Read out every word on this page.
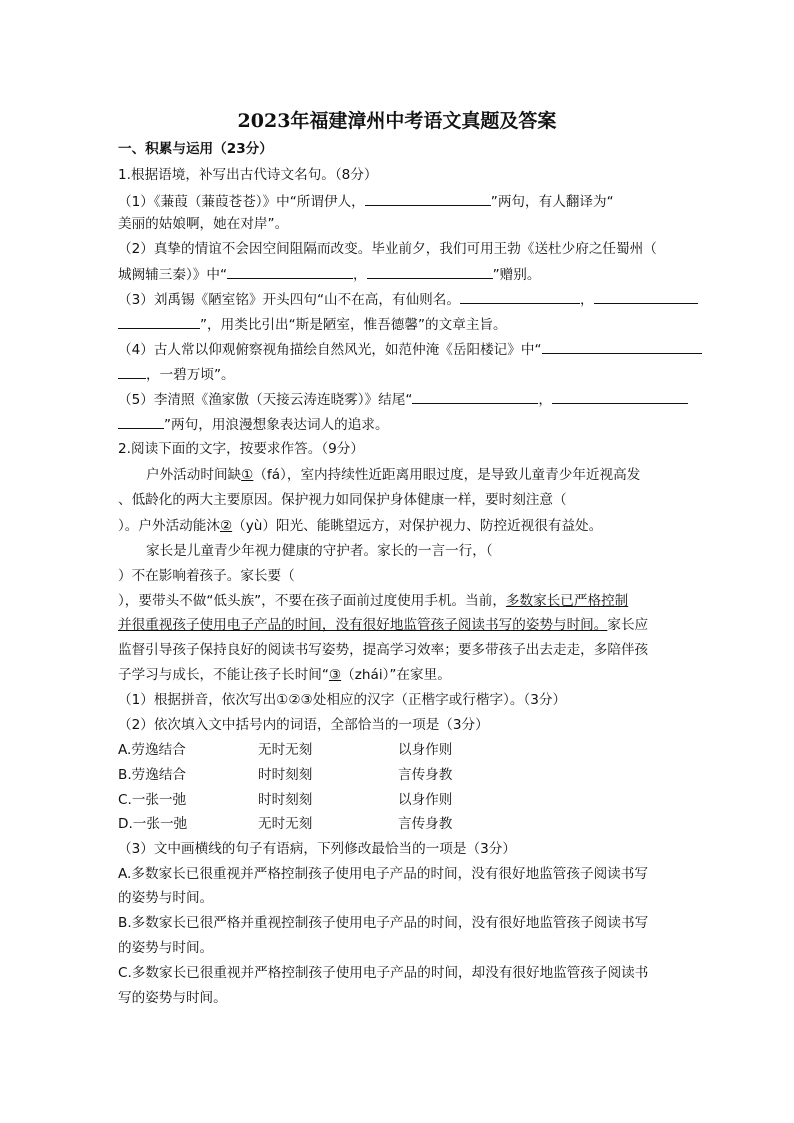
2023年福建漳州中考语文真题及答案
一、积累与运用（23分）
1.根据语境，补写出古代诗文名句。（8分）
（1）《蒹葭（蒹葭苍苍）》中“所谓伊人，	”两句，有人翻译为“
美丽的姑娘啊，她在对岸”。
（2）真挚的情谊不会因空间阻隔而改变。毕业前夕，我们可用王勃《送杜少府之任蜀州（
城阙辅三秦）》中“	，	”赠别。
（3）刘禹锡《陋室铭》开头四句“山不在高，有仙则名。	，
”，用类比引出“斯是陋室，惟吾德馨”的文章主旨。
（4）古人常以仰观俯察视角描绘自然风光，如范仲淹《岳阳楼记》中“
，一碧万顷”。
（5）李清照《渔家傲（天接云涛连晓雾）》结尾“	，
”两句，用浪漫想象表达词人的追求。
2.阅读下面的文字，按要求作答。（9分）
户外活动时间缺①（fá），室内持续性近距离用眼过度，是导致儿童青少年近视高发
、低龄化的两大主要原因。保护视力如同保护身体健康一样，要时刻注意（
）。户外活动能沐②（yù）阳光、能眺望远方，对保护视力、防控近视很有益处。
家长是儿童青少年视力健康的守护者。家长的一言一行，（
）不在影响着孩子。家长要（
），要带头不做“低头族”，不要在孩子面前过度使用手机。当前，多数家长已严格控制
并很重视孩子使用电子产品的时间，没有很好地监管孩子阅读书写的姿势与时间。家长应
监督引导孩子保持良好的阅读书写姿势，提高学习效率；要多带孩子出去走走，多陪伴孩
子学习与成长，不能让孩子长时间“③（zhái）”在家里。
（1）根据拼音，依次写出①②③处相应的汉字（正楷字或行楷字）。（3分）
（2）依次填入文中括号内的词语，全部恰当的一项是（3分）
A.劳逸结合	无时无刻	以身作则
B.劳逸结合	时时刻刻	言传身教
C.一张一弛	时时刻刻	以身作则
D.一张一弛	无时无刻	言传身教
（3）文中画横线的句子有语病，下列修改最恰当的一项是（3分）
A.多数家长已很重视并严格控制孩子使用电子产品的时间，没有很好地监管孩子阅读书写
的姿势与时间。
B.多数家长已很严格并重视控制孩子使用电子产品的时间，没有很好地监管孩子阅读书写
的姿势与时间。
C.多数家长已很重视并严格控制孩子使用电子产品的时间，却没有很好地监管孩子阅读书
写的姿势与时间。
